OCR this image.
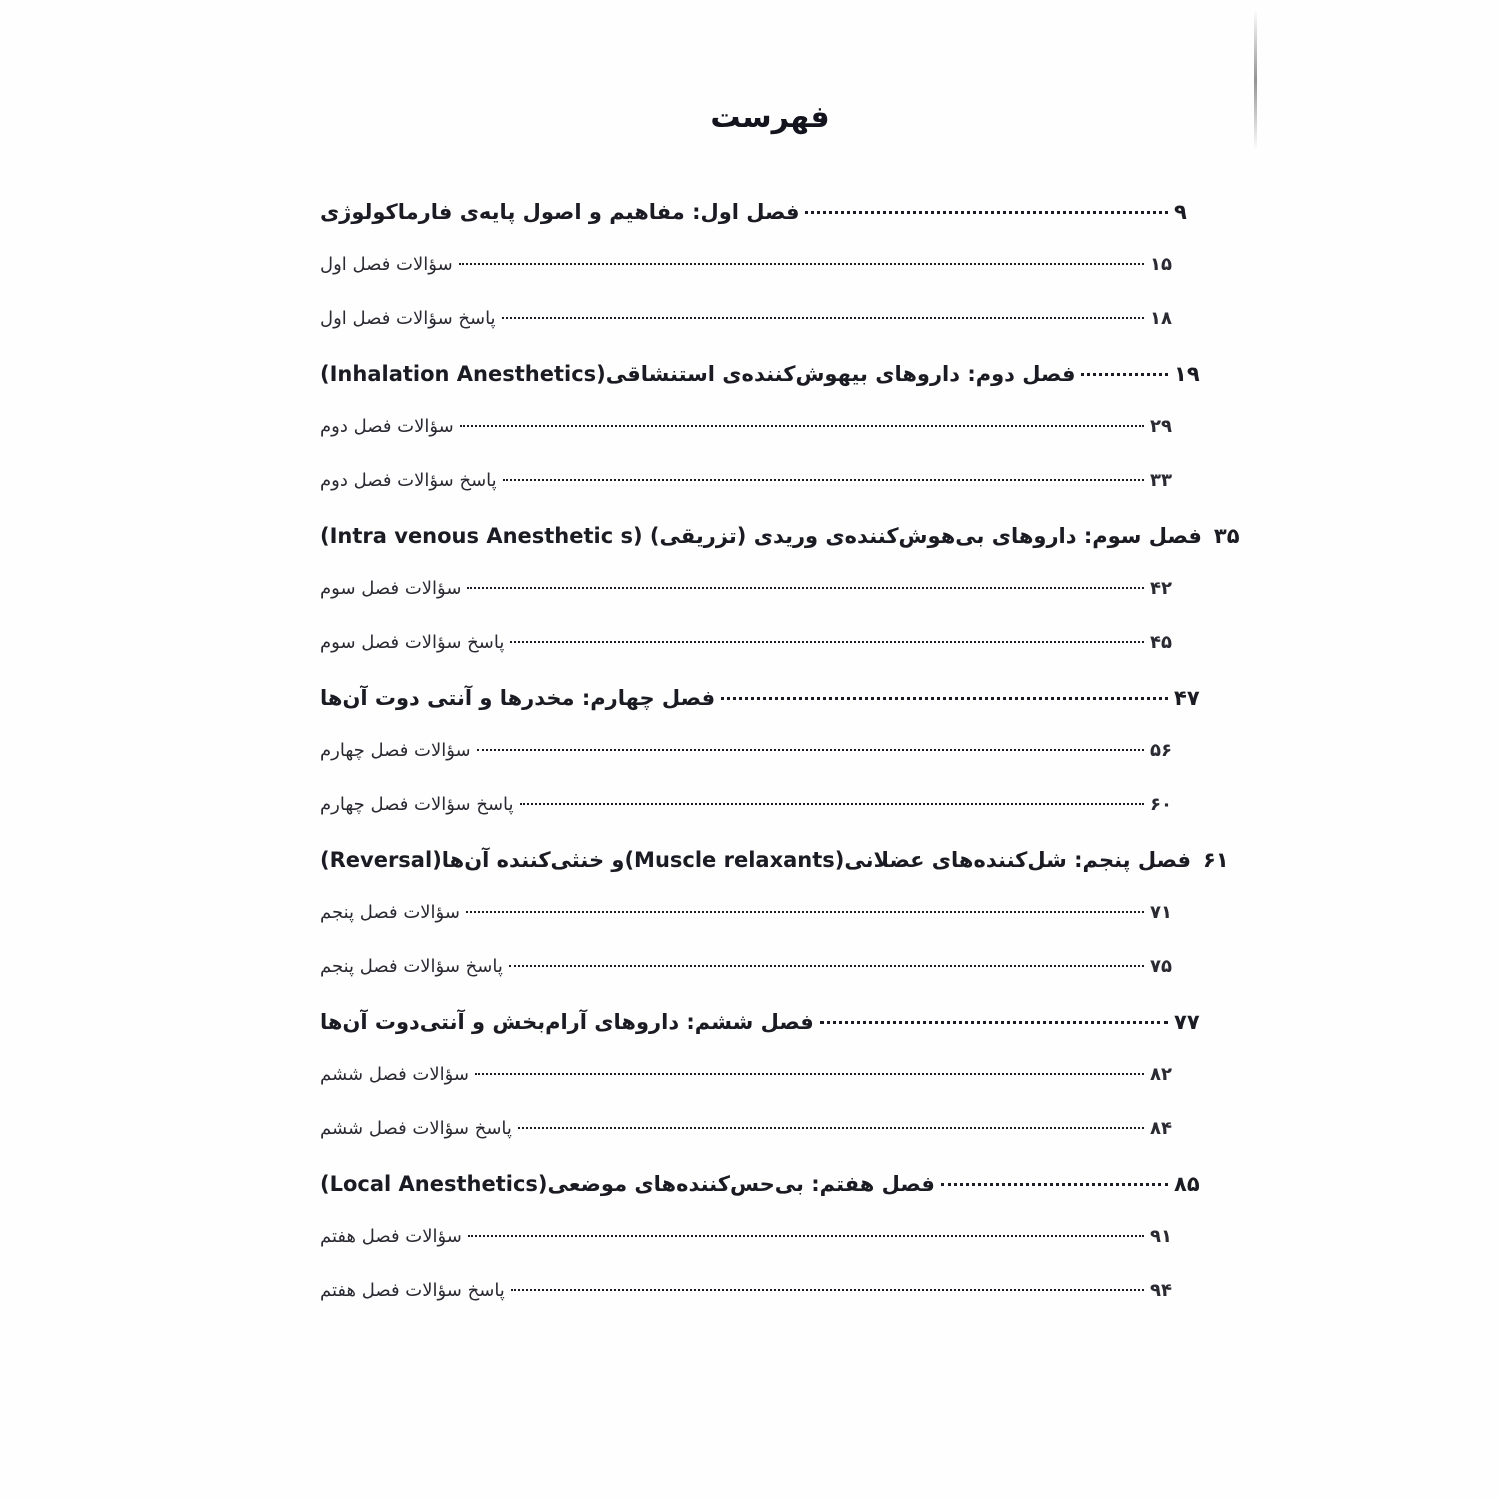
فهرست
فصل اول: مفاهیم و اصول پایه‌ی فارماکولوژی	۹
سؤالات فصل اول	۱۵
پاسخ سؤالات فصل اول	۱۸
فصل دوم: داروهای بیهوش‌کننده‌ی استنشاقی(Inhalation Anesthetics)	۱۹
سؤالات فصل دوم	۲۹
پاسخ سؤالات فصل دوم	۳۳
فصل سوم: داروهای بی‌هوش‌کننده‌ی وریدی (تزریقی) (Intra venous Anesthetic s) ۳۵
سؤالات فصل سوم	۴۲
پاسخ سؤالات فصل سوم	۴۵
فصل چهارم: مخدرها و آنتی دوت آن‌ها	۴۷
سؤالات فصل چهارم	۵۶
پاسخ سؤالات فصل چهارم	۶۰
فصل پنجم: شل‌کننده‌های عضلانی(Muscle relaxants)و خنثی‌کننده آن‌ها(Reversal) ۶۱
سؤالات فصل پنجم	۷۱
پاسخ سؤالات فصل پنجم	۷۵
فصل ششم: داروهای آرام‌بخش و آنتی‌دوت آن‌ها	۷۷
سؤالات فصل ششم	۸۲
پاسخ سؤالات فصل ششم	۸۴
فصل هفتم: بی‌حس‌کننده‌های موضعی(Local Anesthetics)	۸۵
سؤالات فصل هفتم	۹۱
پاسخ سؤالات فصل هفتم	۹۴
